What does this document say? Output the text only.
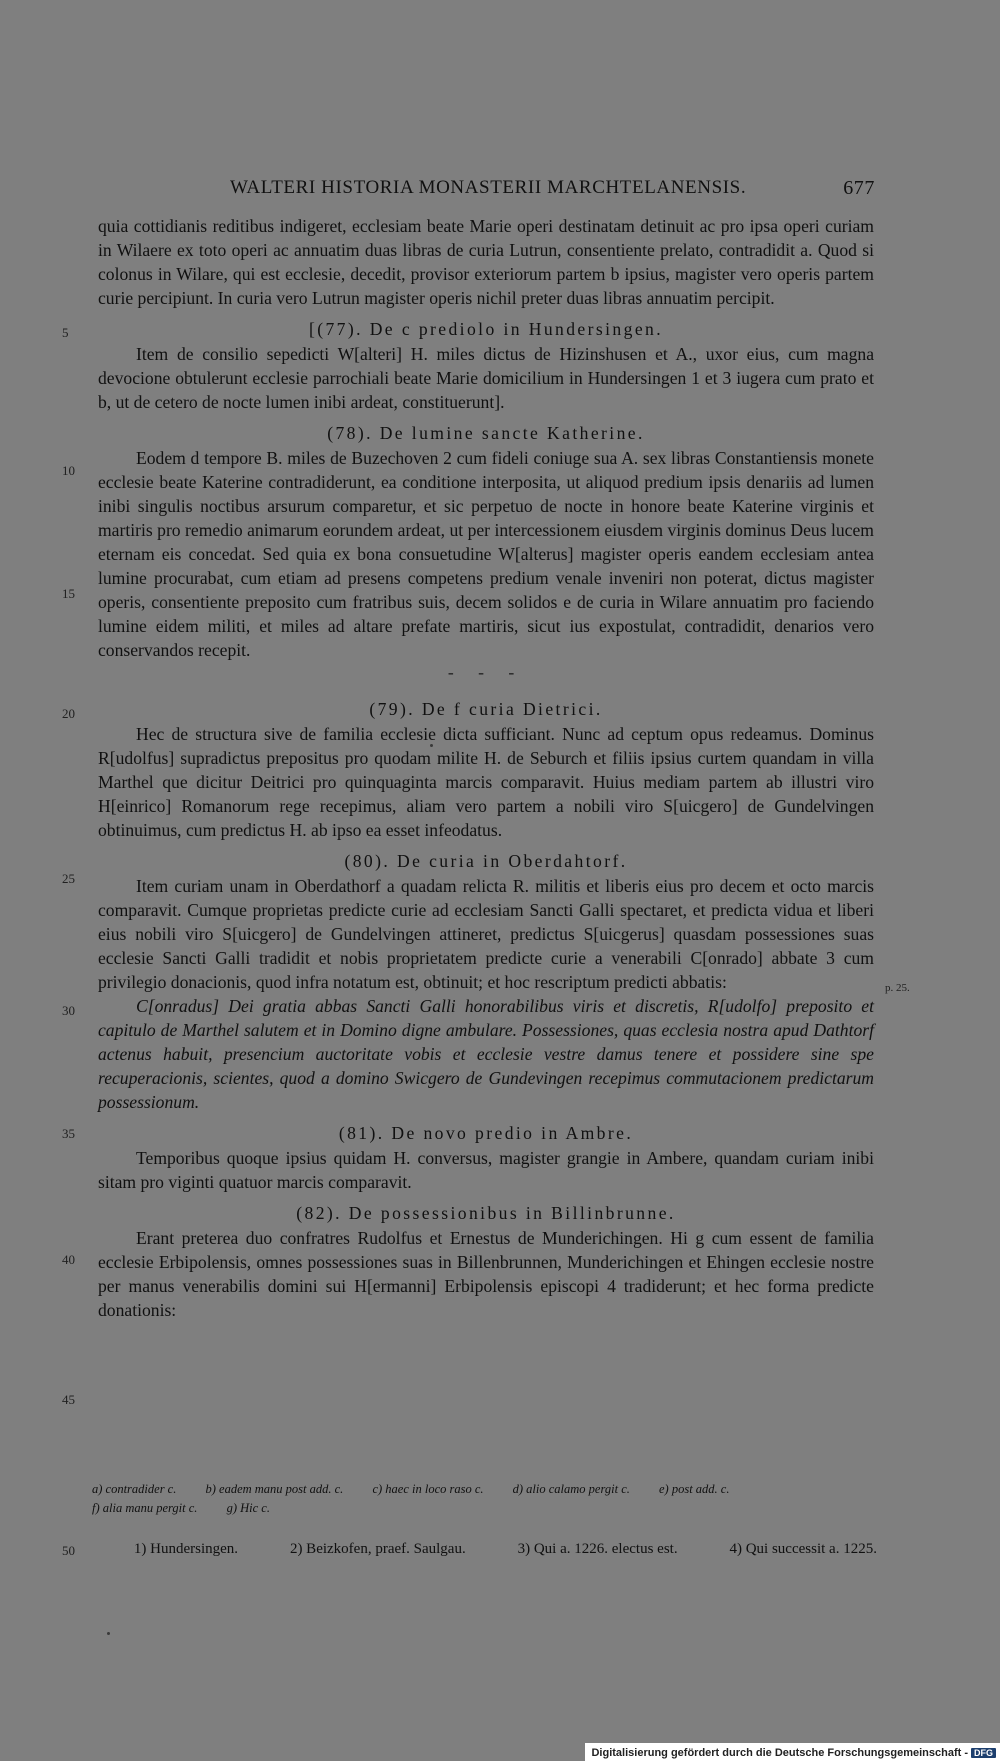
WALTERI HISTORIA MONASTERII MARCHTELANENSIS.	677

quia cottidianis reditibus indigeret, ecclesiam beate Marie operi destinatam detinuit ac pro ipsa operi curiam in Wilaere ex toto operi ac annuatim duas libras de curia Lutrun, consentiente prelato, contradidit a. Quod si colonus in Wilare, qui est ecclesie, decedit, provisor exteriorum partem b ipsius, magister vero operis partem curie percipiunt. In curia vero Lutrun magister operis nichil preter duas libras annuatim percipit.

[(77). De c prediolo in Hundersingen.

Item de consilio sepedicti W[alteri] H. miles dictus de Hizinshusen et A., uxor eius, cum magna devocione obtulerunt ecclesie parrochiali beate Marie domicilium in Hundersingen 1 et 3 iugera cum prato et b, ut de cetero de nocte lumen inibi ardeat, constituerunt].

(78). De lumine sancte Katherine.

Eodem d tempore B. miles de Buzechoven 2 cum fideli coniuge sua A. sex libras Constantiensis monete ecclesie beate Katerine contradiderunt, ea conditione interposita, ut aliquod predium ipsis denariis ad lumen inibi singulis noctibus arsurum comparetur, et sic perpetuo de nocte in honore beate Katerine virginis et martiris pro remedio animarum eorundem ardeat, ut per intercessionem eiusdem virginis dominus Deus lucem eternam eis concedat. Sed quia ex bona consuetudine W[alterus] magister operis eandem ecclesiam antea lumine procurabat, cum etiam ad presens competens predium venale inveniri non poterat, dictus magister operis, consentiente preposito cum fratribus suis, decem solidos e de curia in Wilare annuatim pro faciendo lumine eidem militi, et miles ad altare prefate martiris, sicut ius expostulat, contradidit, denarios vero conservandos recepit.

- - -
(79). De f curia Dietrici.

Hec de structura sive de familia ecclesie dicta sufficiant. Nunc ad ceptum opus redeamus. Dominus R[udolfus] supradictus prepositus pro quodam milite H. de Seburch et filiis ipsius curtem quandam in villa Marthel que dicitur Deitrici pro quinquaginta marcis comparavit. Huius mediam partem ab illustri viro H[einrico] Romanorum rege recepimus, aliam vero partem a nobili viro S[uicgero] de Gundelvingen obtinuimus, cum predictus H. ab ipso ea esset infeodatus.

(80). De curia in Oberdahtorf.

Item curiam unam in Oberdathorf a quadam relicta R. militis et liberis eius pro decem et octo marcis comparavit. Cumque proprietas predicte curie ad ecclesiam Sancti Galli spectaret, et predicta vidua et liberi eius nobili viro S[uicgero] de Gundelvingen attineret, predictus S[uicgerus] quasdam possessiones suas ecclesie Sancti Galli tradidit et nobis proprietatem predicte curie a venerabili C[onrado] abbate 3 cum privilegio donacionis, quod infra notatum est, obtinuit; et hoc rescriptum predicti abbatis:

C[onradus] Dei gratia abbas Sancti Galli honorabilibus viris et discretis, R[udolfo] preposito et capitulo de Marthel salutem et in Domino digne ambulare. Possessiones, quas ecclesia nostra apud Dathtorf actenus habuit, presencium auctoritate vobis et ecclesie vestre damus tenere et possidere sine spe recuperacionis, scientes, quod a domino Swicgero de Gundevingen recepimus commutacionem predictarum possessionum.

(81). De novo predio in Ambre.

Temporibus quoque ipsius quidam H. conversus, magister grangie in Ambere, quandam curiam inibi sitam pro viginti quatuor marcis comparavit.

(82). De possessionibus in Billinbrunne.

Erant preterea duo confratres Rudolfus et Ernestus de Munderichingen. Hi g cum essent de familia ecclesie Erbipolensis, omnes possessiones suas in Billenbrunnen, Munderichingen et Ehingen ecclesie nostre per manus venerabilis domini sui H[ermanni] Erbipolensis episcopi 4 tradiderunt; et hec forma predicte donationis:

5
10
15
20
25
30
35
40
45
50
p. 25.
a) contradider c. b) eadem manu post add. c. c) haec in loco raso c. d) alio calamo pergit c. e) post add. c.
f) alia manu pergit c. g) Hic c.
1) Hundersingen.	2) Beizkofen, praef. Saulgau.	3) Qui a. 1226. electus est.	4) Qui successit a. 1225.
Digitalisierung gefördert durch die Deutsche Forschungsgemeinschaft - DFG
